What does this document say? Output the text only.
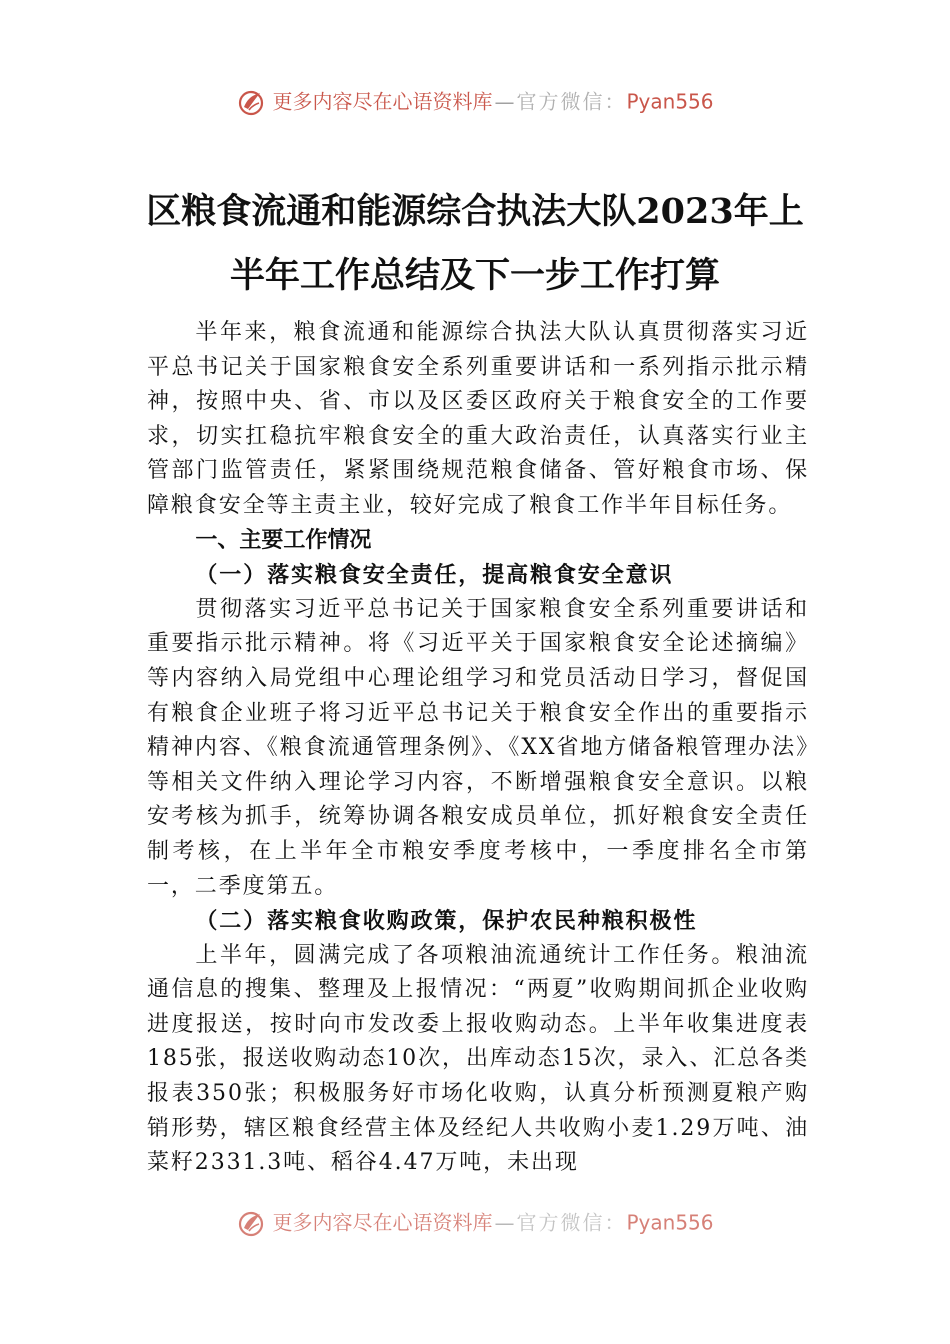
更多内容尽在心语资料库 — 官方微信：Pyan556
区粮食流通和能源综合执法大队2023年上
半年工作总结及下一步工作打算

半年来，粮食流通和能源综合执法大队认真贯彻落实习近平总书记关于国家粮食安全系列重要讲话和一系列指示批示精神，按照中央、省、市以及区委区政府关于粮食安全的工作要求，切实扛稳抗牢粮食安全的重大政治责任，认真落实行业主管部门监管责任，紧紧围绕规范粮食储备、管好粮食市场、保障粮食安全等主责主业，较好完成了粮食工作半年目标任务。

一、主要工作情况

（一）落实粮食安全责任，提高粮食安全意识

贯彻落实习近平总书记关于国家粮食安全系列重要讲话和重要指示批示精神。将《习近平关于国家粮食安全论述摘编》等内容纳入局党组中心理论组学习和党员活动日学习，督促国有粮食企业班子将习近平总书记关于粮食安全作出的重要指示精神内容、《粮食流通管理条例》、《XX省地方储备粮管理办法》等相关文件纳入理论学习内容，不断增强粮食安全意识。以粮安考核为抓手，统筹协调各粮安成员单位，抓好粮食安全责任制考核，在上半年全市粮安季度考核中，一季度排名全市第一，二季度第五。

（二）落实粮食收购政策，保护农民种粮积极性

上半年，圆满完成了各项粮油流通统计工作任务。粮油流通信息的搜集、整理及上报情况：“两夏”收购期间抓企业收购进度报送，按时向市发改委上报收购动态。上半年收集进度表185张，报送收购动态10次，出库动态15次，录入、汇总各类报表350张；积极服务好市场化收购，认真分析预测夏粮产购销形势，辖区粮食经营主体及经纪人共收购小麦1.29万吨、油菜籽2331.3吨、稻谷4.47万吨，未出现

更多内容尽在心语资料库 — 官方微信：Pyan556
